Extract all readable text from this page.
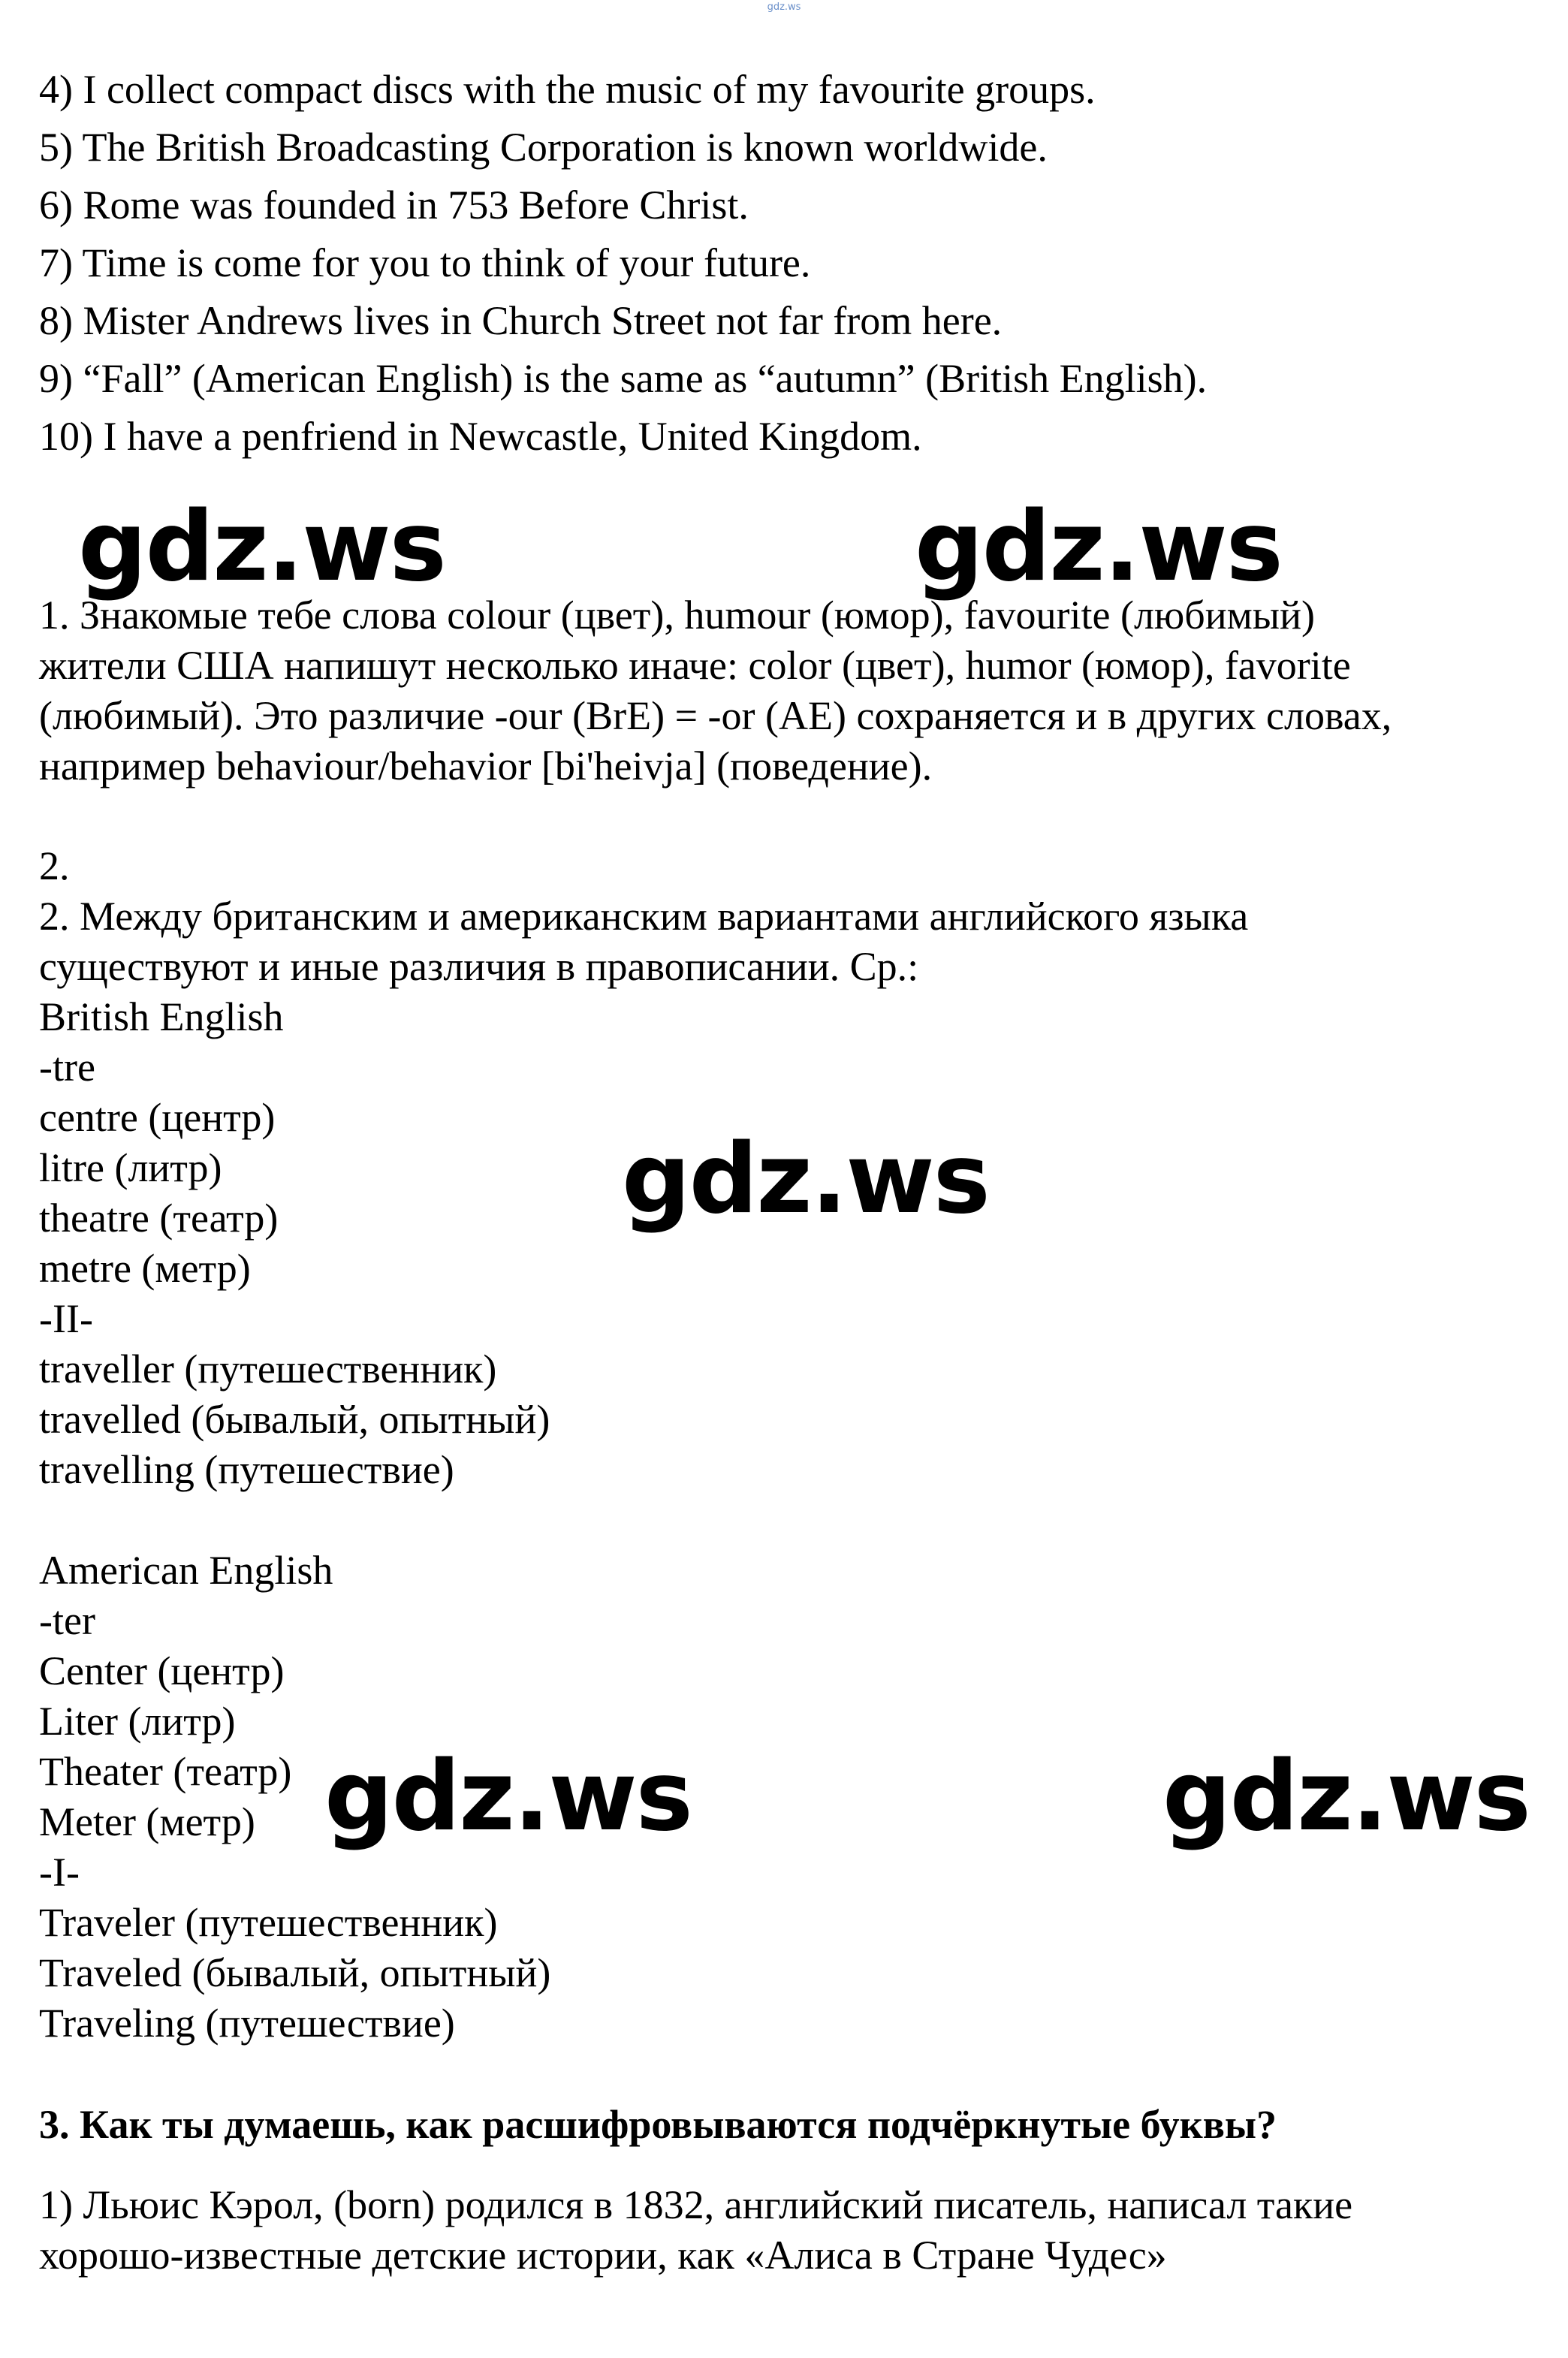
gdz.ws
4) I collect compact discs with the music of my favourite groups.
5) The British Broadcasting Corporation is known worldwide.
6) Rome was founded in 753 Before Christ.
7) Time is come for you to think of your future.
8) Mister Andrews lives in Church Street not far from here.
9) “Fall” (American English) is the same as “autumn” (British English).
10) I have a penfriend in Newcastle, United Kingdom.
gdz.ws	gdz.ws
1. Знакомые тебе слова colour (цвет), humour (юмор), favourite (любимый)
жители США напишут несколько иначе: color (цвет), humor (юмор), favorite
(любимый). Это различие -our (BrE) = -or (AE) сохраняется и в других словах,
например behaviour/behavior [bi'heivja] (поведение).
2.
2. Между британским и американским вариантами английского языка
существуют и иные различия в правописании. Ср.:
British English
-tre
centre (центр)
litre (литр)
theatre (театр)
metre (метр)
-II-
traveller (путешественник)
travelled (бывалый, опытный)
travelling (путешествие)
gdz.ws
American English
-ter
Center (центр)
Liter (литр)
Theater (театр)
Meter (метр)
-I-
Traveler (путешественник)
Traveled (бывалый, опытный)
Traveling (путешествие)
gdz.ws	gdz.ws
3. Как ты думаешь, как расшифровываются подчёркнутые буквы?
1) Льюис Кэрол, (born) родился в 1832, английский писатель, написал такие
хорошо-известные детские истории, как «Алиса в Стране Чудес»
